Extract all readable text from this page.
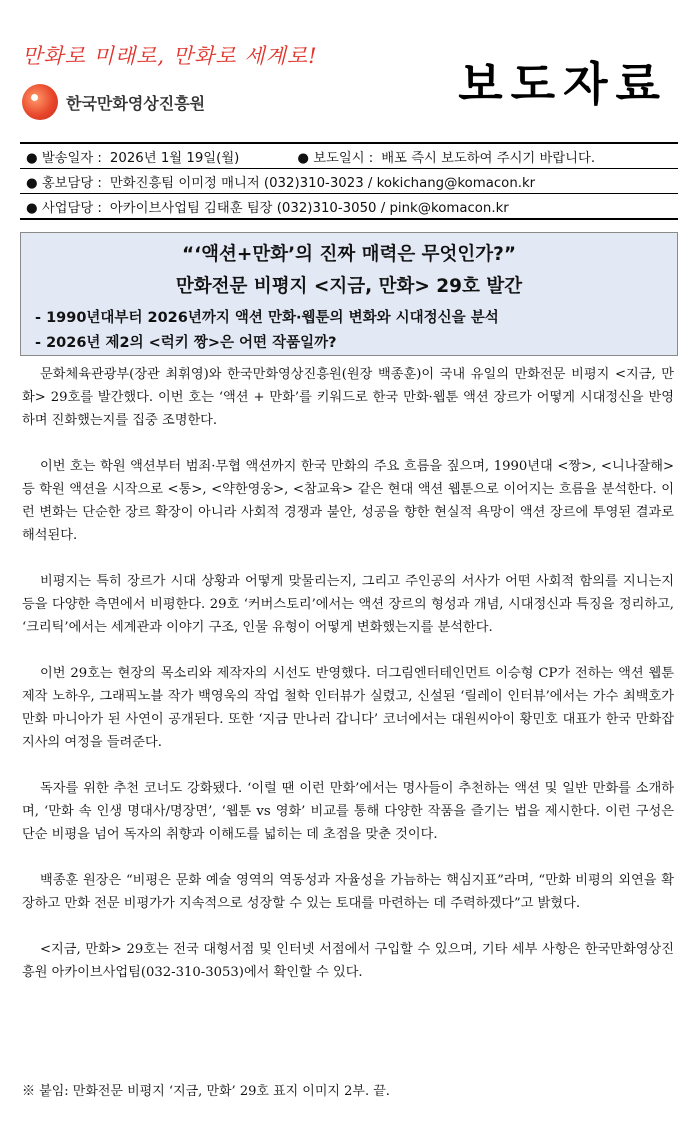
만화로 미래로, 만화로 세계로!
한국만화영상진흥원	보도자료
● 발송일자 : 2026년 1월 19일(월)	● 보도일시 : 배포 즉시 보도하여 주시기 바랍니다.
● 홍보담당 : 만화진흥팀 이미정 매니저 (032)310-3023 / kokichang@komacon.kr
● 사업담당 : 아카이브사업팀 김태훈 팀장 (032)310-3050 / pink@komacon.kr
“‘액션+만화’의 진짜 매력은 무엇인가?”
만화전문 비평지 <지금, 만화> 29호 발간
- 1990년대부터 2026년까지 액션 만화·웹툰의 변화와 시대정신을 분석
- 2026년 제2의 <럭키 짱>은 어떤 작품일까?

문화체육관광부(장관 최휘영)와 한국만화영상진흥원(원장 백종훈)이 국내 유일의 만화전문 비평지 <지금, 만화> 29호를 발간했다. 이번 호는 ‘액션 + 만화’를 키워드로 한국 만화·웹툰 액션 장르가 어떻게 시대정신을 반영하며 진화했는지를 집중 조명한다.

이번 호는 학원 액션부터 범죄·무협 액션까지 한국 만화의 주요 흐름을 짚으며, 1990년대 <짱>, <니나잘해> 등 학원 액션을 시작으로 <통>, <약한영웅>, <참교육> 같은 현대 액션 웹툰으로 이어지는 흐름을 분석한다. 이런 변화는 단순한 장르 확장이 아니라 사회적 경쟁과 불안, 성공을 향한 현실적 욕망이 액션 장르에 투영된 결과로 해석된다.

비평지는 특히 장르가 시대 상황과 어떻게 맞물리는지, 그리고 주인공의 서사가 어떤 사회적 함의를 지니는지 등을 다양한 측면에서 비평한다. 29호 ‘커버스토리’에서는 액션 장르의 형성과 개념, 시대정신과 특징을 정리하고, ‘크리틱’에서는 세계관과 이야기 구조, 인물 유형이 어떻게 변화했는지를 분석한다.

이번 29호는 현장의 목소리와 제작자의 시선도 반영했다. 더그림엔터테인먼트 이승형 CP가 전하는 액션 웹툰 제작 노하우, 그래픽노블 작가 백영욱의 작업 철학 인터뷰가 실렸고, 신설된 ‘릴레이 인터뷰’에서는 가수 최백호가 만화 마니아가 된 사연이 공개된다. 또한 ‘지금 만나러 갑니다’ 코너에서는 대원씨아이 황민호 대표가 한국 만화잡지사의 여정을 들려준다.

독자를 위한 추천 코너도 강화됐다. ‘이럴 땐 이런 만화’에서는 명사들이 추천하는 액션 및 일반 만화를 소개하며, ‘만화 속 인생 명대사/명장면’, ‘웹툰 vs 영화’ 비교를 통해 다양한 작품을 즐기는 법을 제시한다. 이런 구성은 단순 비평을 넘어 독자의 취향과 이해도를 넓히는 데 초점을 맞춘 것이다.

백종훈 원장은 “비평은 문화 예술 영역의 역동성과 자율성을 가늠하는 핵심지표”라며, “만화 비평의 외연을 확장하고 만화 전문 비평가가 지속적으로 성장할 수 있는 토대를 마련하는 데 주력하겠다”고 밝혔다.

<지금, 만화> 29호는 전국 대형서점 및 인터넷 서점에서 구입할 수 있으며, 기타 세부 사항은 한국만화영상진흥원 아카이브사업팀(032-310-3053)에서 확인할 수 있다.

※ 붙임: 만화전문 비평지 ‘지금, 만화’ 29호 표지 이미지 2부. 끝.
